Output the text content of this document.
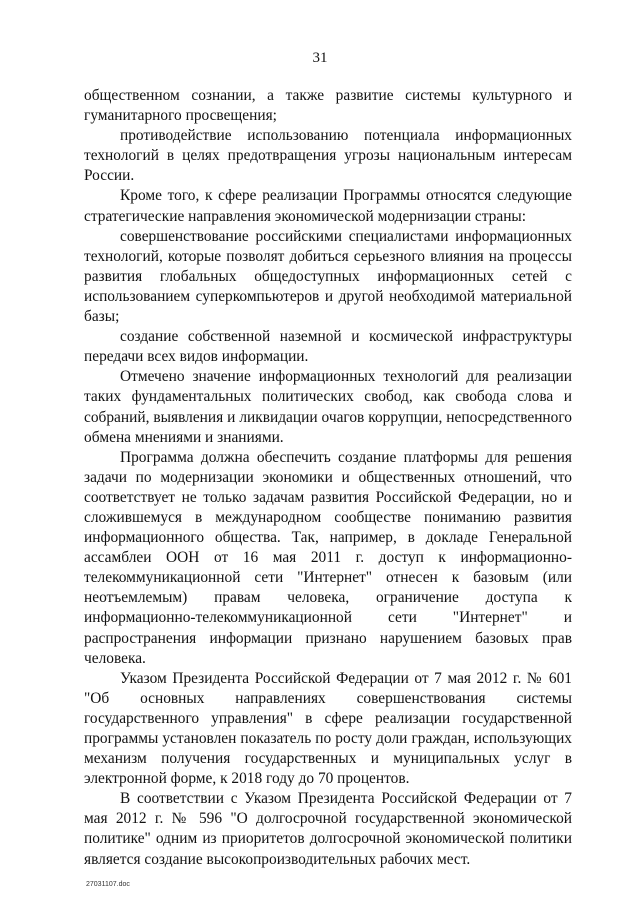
31

общественном сознании, а также развитие системы культурного и гуманитарного просвещения;

противодействие использованию потенциала информационных технологий в целях предотвращения угрозы национальным интересам России.

Кроме того, к сфере реализации Программы относятся следующие стратегические направления экономической модернизации страны:

совершенствование российскими специалистами информационных технологий, которые позволят добиться серьезного влияния на процессы развития глобальных общедоступных информационных сетей с использованием суперкомпьютеров и другой необходимой материальной базы;

создание собственной наземной и космической инфраструктуры передачи всех видов информации.

Отмечено значение информационных технологий для реализации таких фундаментальных политических свобод, как свобода слова и собраний, выявления и ликвидации очагов коррупции, непосредственного обмена мнениями и знаниями.

Программа должна обеспечить создание платформы для решения задачи по модернизации экономики и общественных отношений, что соответствует не только задачам развития Российской Федерации, но и сложившемуся в международном сообществе пониманию развития информационного общества. Так, например, в докладе Генеральной ассамблеи ООН от 16 мая 2011 г. доступ к информационно-телекоммуникационной сети "Интернет" отнесен к базовым (или неотъемлемым) правам человека, ограничение доступа к информационно-телекоммуникационной сети "Интернет" и распространения информации признано нарушением базовых прав человека.

Указом Президента Российской Федерации от 7 мая 2012 г. № 601 "Об основных направлениях совершенствования системы государственного управления" в сфере реализации государственной программы установлен показатель по росту доли граждан, использующих механизм получения государственных и муниципальных услуг в электронной форме, к 2018 году до 70 процентов.

В соответствии с Указом Президента Российской Федерации от 7 мая 2012 г. № 596 "О долгосрочной государственной экономической политике" одним из приоритетов долгосрочной экономической политики является создание высокопроизводительных рабочих мест.

27031107.doc
